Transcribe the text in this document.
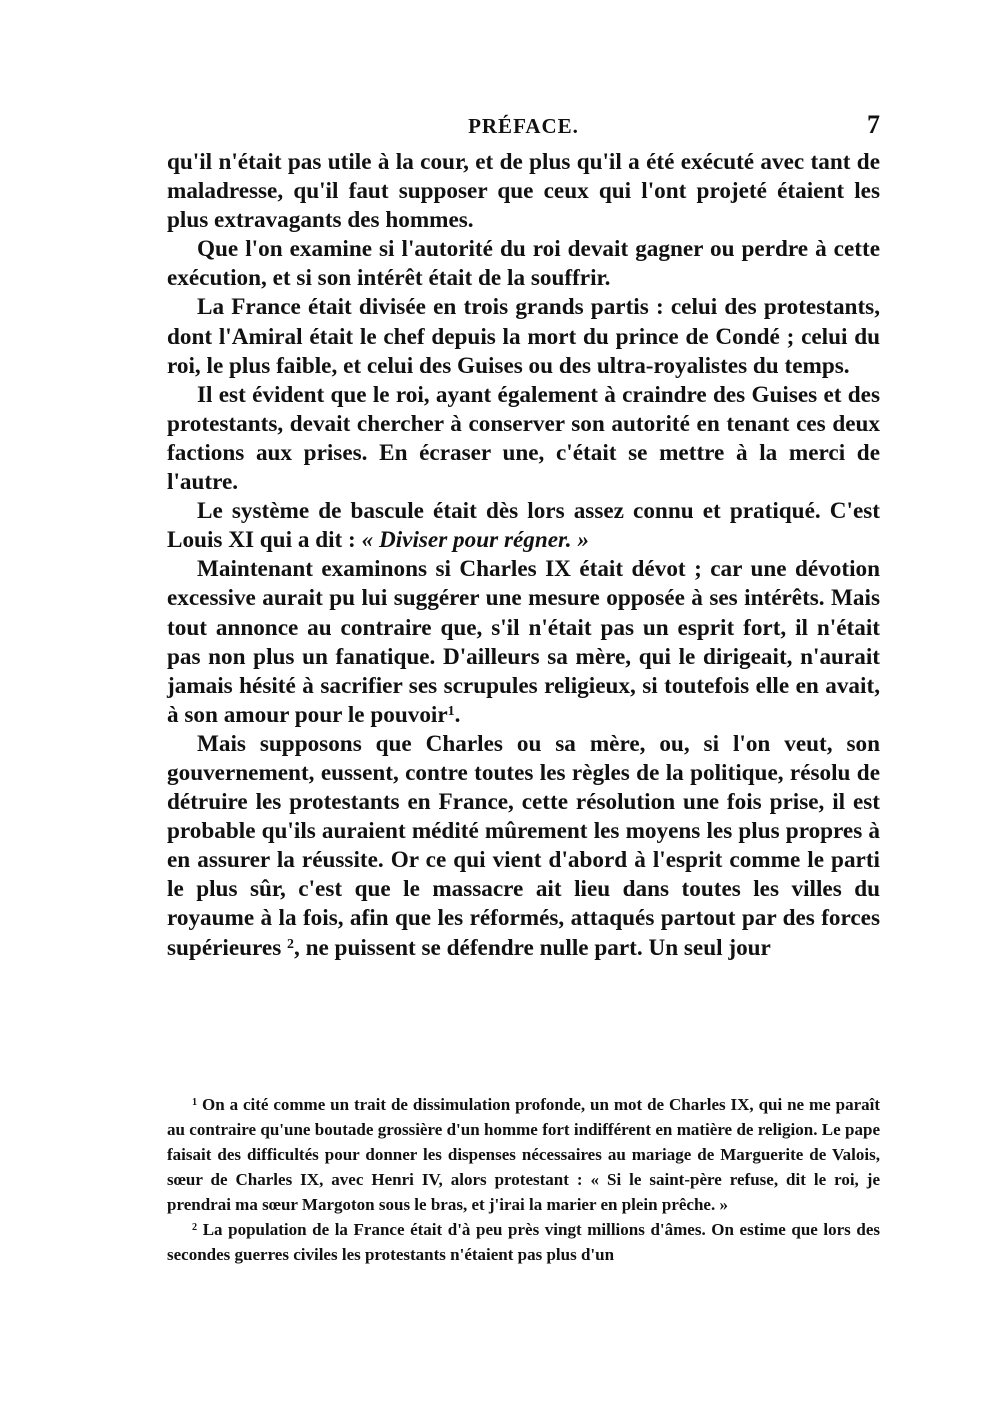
PRÉFACE.	7

qu'il n'était pas utile à la cour, et de plus qu'il a été exécuté avec tant de maladresse, qu'il faut supposer que ceux qui l'ont projeté étaient les plus extravagants des hommes.

Que l'on examine si l'autorité du roi devait gagner ou perdre à cette exécution, et si son intérêt était de la souffrir.

La France était divisée en trois grands partis : celui des protestants, dont l'Amiral était le chef depuis la mort du prince de Condé ; celui du roi, le plus faible, et celui des Guises ou des ultra-royalistes du temps.

Il est évident que le roi, ayant également à craindre des Guises et des protestants, devait chercher à conserver son autorité en tenant ces deux factions aux prises. En écraser une, c'était se mettre à la merci de l'autre.

Le système de bascule était dès lors assez connu et pratiqué. C'est Louis XI qui a dit : « Diviser pour régner. »

Maintenant examinons si Charles IX était dévot ; car une dévotion excessive aurait pu lui suggérer une mesure opposée à ses intérêts. Mais tout annonce au contraire que, s'il n'était pas un esprit fort, il n'était pas non plus un fanatique. D'ailleurs sa mère, qui le dirigeait, n'aurait jamais hésité à sacrifier ses scrupules religieux, si toutefois elle en avait, à son amour pour le pouvoir$^1$.

Mais supposons que Charles ou sa mère, ou, si l'on veut, son gouvernement, eussent, contre toutes les règles de la politique, résolu de détruire les protestants en France, cette résolution une fois prise, il est probable qu'ils auraient médité mûrement les moyens les plus propres à en assurer la réussite. Or ce qui vient d'abord à l'esprit comme le parti le plus sûr, c'est que le massacre ait lieu dans toutes les villes du royaume à la fois, afin que les réformés, attaqués partout par des forces supérieures $^2$, ne puissent se défendre nulle part. Un seul jour

$^1$ On a cité comme un trait de dissimulation profonde, un mot de Charles IX, qui ne me paraît au contraire qu'une boutade grossière d'un homme fort indifférent en matière de religion. Le pape faisait des difficultés pour donner les dispenses nécessaires au mariage de Marguerite de Valois, sœur de Charles IX, avec Henri IV, alors protestant : « Si le saint-père refuse, dit le roi, je prendrai ma sœur Margoton sous le bras, et j'irai la marier en plein prêche. »

$^2$ La population de la France était d'à peu près vingt millions d'âmes. On estime que lors des secondes guerres civiles les protestants n'étaient pas plus d'un
